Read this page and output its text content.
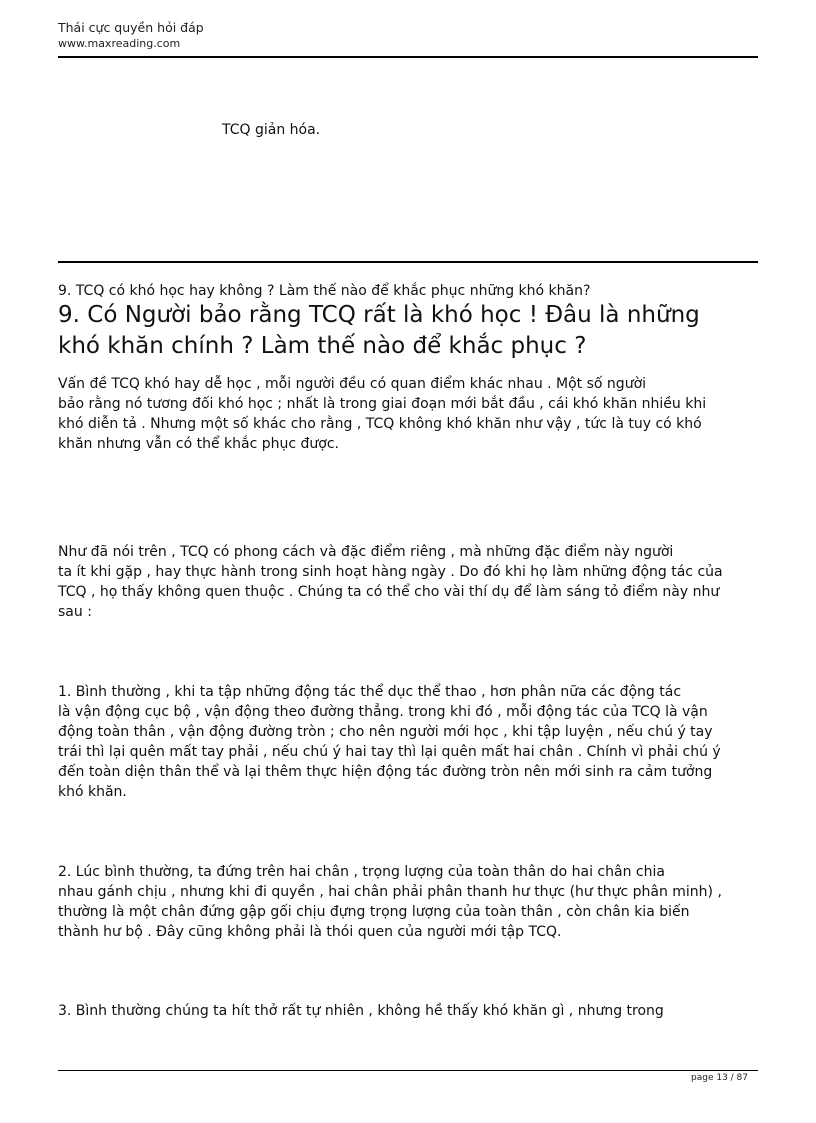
Thái cực quyền hỏi đáp
www.maxreading.com
TCQ giản hóa.
9. TCQ có khó học hay không ? Làm thế nào để khắc phục những khó khăn?
9. Có Người bảo rằng TCQ rất là khó học ! Đâu là những khó khăn chính ? Làm thế nào để khắc phục ?

Vấn đề TCQ khó hay dễ học , mỗi người đều có quan điểm khác nhau . Một số người
bảo rằng nó tương đối khó học ; nhất là trong giai đoạn mới bắt đầu , cái khó khăn nhiều khi
khó diễn tả . Nhưng một số khác cho rằng , TCQ không khó khăn như vậy , tức là tuy có khó
khăn nhưng vẫn có thể khắc phục được.

Như đã nói trên , TCQ có phong cách và đặc điểm riêng , mà những đặc điểm này người
ta ít khi gặp , hay thực hành trong sinh hoạt hàng ngày . Do đó khi họ làm những động tác của
TCQ , họ thấy không quen thuộc . Chúng ta có thể cho vài thí dụ để làm sáng tỏ điểm này như
sau :

1. Bình thường , khi ta tập những động tác thể dục thể thao , hơn phân nữa các động tác
là vận động cục bộ , vận động theo đường thẳng. trong khi đó , mỗi động tác của TCQ là vận
động toàn thân , vận động đường tròn ; cho nên người mới học , khi tập luyện , nếu chú ý tay
trái thì lại quên mất tay phải , nếu chú ý hai tay thì lại quên mất hai chân . Chính vì phải chú ý
đến toàn diện thân thể và lại thêm thực hiện động tác đường tròn nên mới sinh ra cảm tưởng
khó khăn.

2. Lúc bình thường, ta đứng trên hai chân , trọng lượng của toàn thân do hai chân chia
nhau gánh chịu , nhưng khi đi quyền , hai chân phải phân thanh hư thực (hư thực phân minh) ,
thường là một chân đứng gập gối chịu đựng trọng lượng của toàn thân , còn chân kia biến
thành hư bộ . Đây cũng không phải là thói quen của người mới tập TCQ.

3. Bình thường chúng ta hít thở rất tự nhiên , không hề thấy khó khăn gì , nhưng trong

page 13 / 87
